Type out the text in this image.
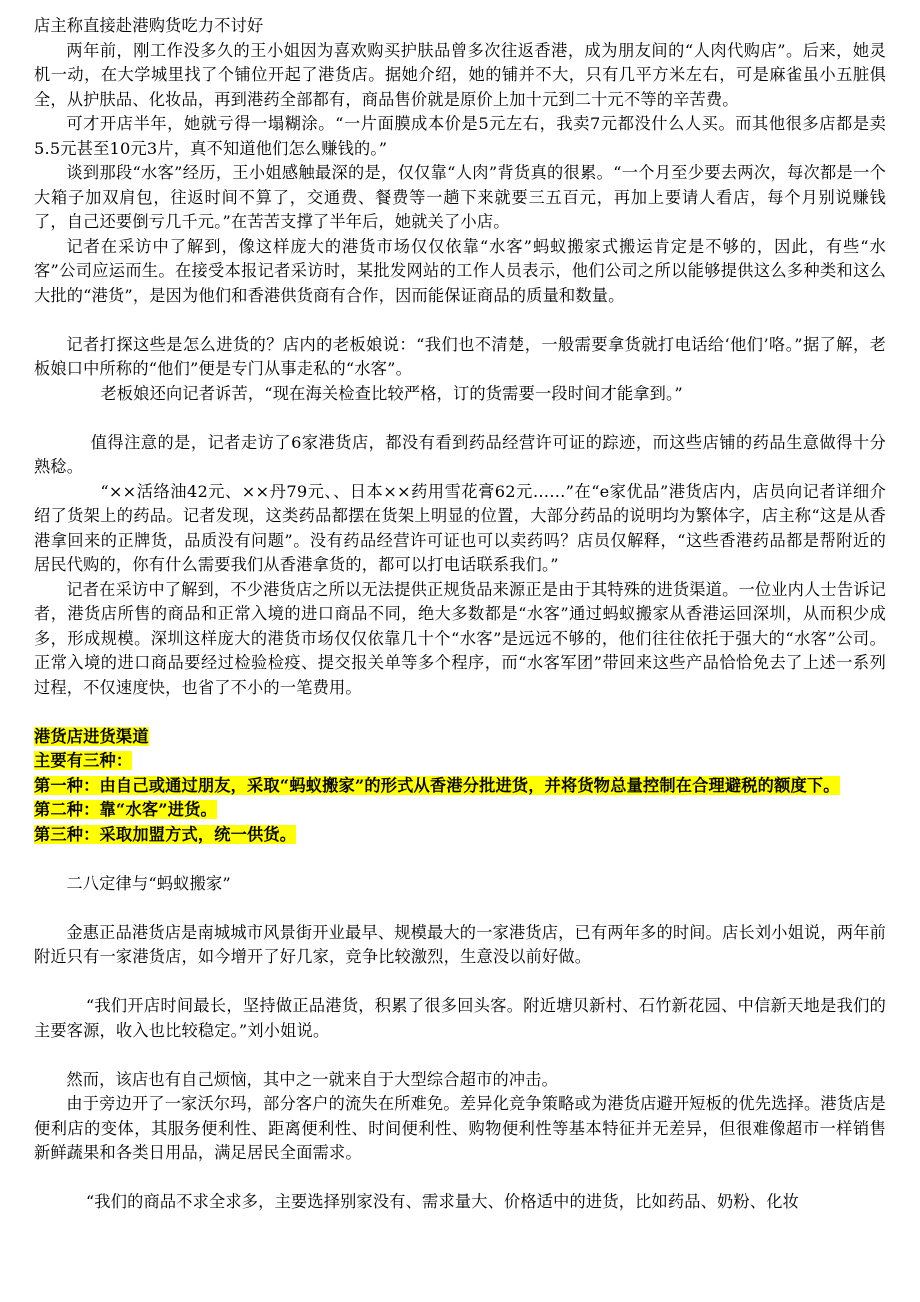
店主称直接赴港购货吃力不讨好

两年前，刚工作没多久的王小姐因为喜欢购买护肤品曾多次往返香港，成为朋友间的“人肉代购店”。后来，她灵机一动，在大学城里找了个铺位开起了港货店。据她介绍，她的铺并不大，只有几平方米左右，可是麻雀虽小五脏俱全，从护肤品、化妆品，再到港药全部都有，商品售价就是原价上加十元到二十元不等的辛苦费。

可才开店半年，她就亏得一塌糊涂。“一片面膜成本价是5元左右，我卖7元都没什么人买。而其他很多店都是卖5.5元甚至10元3片，真不知道他们怎么赚钱的。”

谈到那段“水客”经历，王小姐感触最深的是，仅仅靠“人肉”背货真的很累。“一个月至少要去两次，每次都是一个大箱子加双肩包，往返时间不算了，交通费、餐费等一趟下来就要三五百元，再加上要请人看店，每个月别说赚钱了，自己还要倒亏几千元。”在苦苦支撑了半年后，她就关了小店。

记者在采访中了解到，像这样庞大的港货市场仅仅依靠“水客”蚂蚁搬家式搬运肯定是不够的，因此，有些“水客”公司应运而生。在接受本报记者采访时，某批发网站的工作人员表示，他们公司之所以能够提供这么多种类和这么大批的“港货”，是因为他们和香港供货商有合作，因而能保证商品的质量和数量。

记者打探这些是怎么进货的？店内的老板娘说：“我们也不清楚，一般需要拿货就打电话给‘他们’咯。”据了解，老板娘口中所称的“他们”便是专门从事走私的“水客”。

老板娘还向记者诉苦，“现在海关检查比较严格，订的货需要一段时间才能拿到。”

值得注意的是，记者走访了6家港货店，都没有看到药品经营许可证的踪迹，而这些店铺的药品生意做得十分熟稔。

“××活络油42元、××丹79元、、日本××药用雪花膏62元……”在“e家优品”港货店内，店员向记者详细介绍了货架上的药品。记者发现，这类药品都摆在货架上明显的位置，大部分药品的说明均为繁体字，店主称“这是从香港拿回来的正牌货，品质没有问题”。没有药品经营许可证也可以卖药吗？店员仅解释，“这些香港药品都是帮附近的居民代购的，你有什么需要我们从香港拿货的，都可以打电话联系我们。”

记者在采访中了解到，不少港货店之所以无法提供正规货品来源正是由于其特殊的进货渠道。一位业内人士告诉记者，港货店所售的商品和正常入境的进口商品不同，绝大多数都是“水客”通过蚂蚁搬家从香港运回深圳，从而积少成多，形成规模。深圳这样庞大的港货市场仅仅依靠几十个“水客”是远远不够的，他们往往依托于强大的“水客”公司。正常入境的进口商品要经过检验检疫、提交报关单等多个程序，而“水客军团”带回来这些产品恰恰免去了上述一系列过程，不仅速度快，也省了不小的一笔费用。

港货店进货渠道

主要有三种：

第一种：由自己或通过朋友，采取“蚂蚁搬家”的形式从香港分批进货，并将货物总量控制在合理避税的额度下。

第二种：靠“水客”进货。

第三种：采取加盟方式，统一供货。

二八定律与“蚂蚁搬家”

金惠正品港货店是南城城市风景街开业最早、规模最大的一家港货店，已有两年多的时间。店长刘小姐说，两年前附近只有一家港货店，如今增开了好几家，竞争比较激烈，生意没以前好做。

“我们开店时间最长，坚持做正品港货，积累了很多回头客。附近塘贝新村、石竹新花园、中信新天地是我们的主要客源，收入也比较稳定。”刘小姐说。

然而，该店也有自己烦恼，其中之一就来自于大型综合超市的冲击。

由于旁边开了一家沃尔玛，部分客户的流失在所难免。差异化竞争策略或为港货店避开短板的优先选择。港货店是便利店的变体，其服务便利性、距离便利性、时间便利性、购物便利性等基本特征并无差异，但很难像超市一样销售新鲜蔬果和各类日用品，满足居民全面需求。

“我们的商品不求全求多，主要选择别家没有、需求量大、价格适中的进货，比如药品、奶粉、化妆
